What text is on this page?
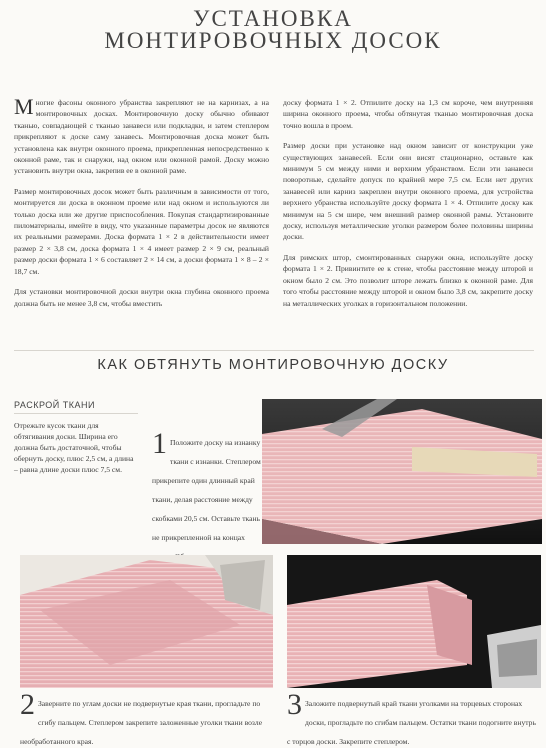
УСТАНОВКА
МОНТИРОВОЧНЫХ ДОСОК

Многие фасоны оконного убранства закрепляют не на карнизах, а на монтировочных досках. Монтировочную доску обычно обивают тканью, совпадающей с тканью занавеси или подкладки, и затем степлером прикрепляют к доске саму занавесь. Монтировочная доска может быть установлена как внутри оконного проема, прикрепленная непосредственно к оконной раме, так и снаружи, над окном или оконной рамой. Доску можно установить внутри окна, закрепив ее в оконной раме.

Размер монтировочных досок может быть различным в зависимости от того, монтируется ли доска в оконном проеме или над окном и используются ли только доска или же другие приспособления. Покупая стандартизированные пиломатериалы, имейте в виду, что указанные параметры досок не являются их реальными размерами. Доска формата 1 × 2 в действительности имеет размер 2 × 3,8 см, доска формата 1 × 4 имеет размер 2 × 9 см, реальный размер доски формата 1 × 6 составляет 2 × 14 см, а доски формата 1 × 8 – 2 × 18,7 см.

Для установки монтировочной доски внутри окна глубина оконного проема должна быть не менее 3,8 см, чтобы вместить

доску формата 1 × 2. Отпилите доску на 1,3 см короче, чем внутренняя ширина оконного проема, чтобы обтянутая тканью монтировочная доска точно вошла в проем.

Размер доски при установке над окном зависит от конструкции уже существующих занавесей. Если они висят стационарно, оставьте как минимум 5 см между ними и верхним убранством. Если эти занавеси поворотные, сделайте допуск по крайней мере 7,5 см. Если нет других занавесей или карниз закреплен внутри оконного проема, для устройства верхнего убранства используйте доску формата 1 × 4. Отпилите доску как минимум на 5 см шире, чем внешний размер оконной рамы. Установите доску, используя металлические уголки размером более половины ширины доски.

Для римских штор, смонтированных снаружи окна, используйте доску формата 1 × 2. Привинтите ее к стене, чтобы расстояние между шторой и окном было 2 см. Это позволит шторе лежать близко к оконной раме. Для того чтобы расстояние между шторой и окном было 3,8 см, закрепите доску на металлических уголках в горизонтальном положении.

КАК ОБТЯНУТЬ МОНТИРОВОЧНУЮ ДОСКУ
РАСКРОЙ ТКАНИ
Отрежьте кусок ткани для обтягивания доски. Ширина его должна быть достаточной, чтобы обернуть доску, плюс 2,5 см, а длина – равна длине доски плюс 7,5 см.
1 Положите доску на изнанку ткани с изнанки. Степлером прикрепите один длинный край ткани, делая расстояние между скобками 20,5 см. Оставьте ткань не прикрепленной на концах
2 Заверните по углам доски не подвернутые края ткани, прогладьте по сгибу пальцем. Степлером закрепите заложенные уголки ткани возле необработанного края.
3 Заложите подвернутый край ткани уголками на торцевых сторонах доски, прогладьте по сгибам пальцем. Остатки ткани подогните внутрь с торцов доски. Закрепите степлером.
